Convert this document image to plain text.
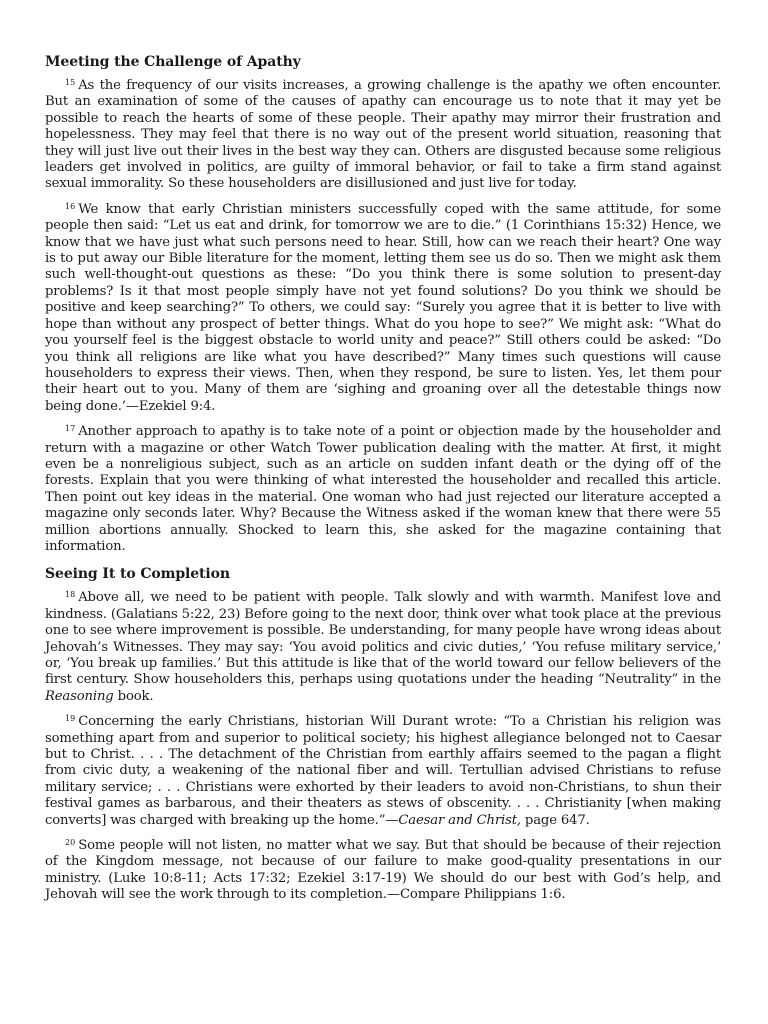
Meeting the Challenge of Apathy

$^{15}$ As the frequency of our visits increases, a growing challenge is the apathy we often encounter. But an examination of some of the causes of apathy can encourage us to note that it may yet be possible to reach the hearts of some of these people. Their apathy may mirror their frustration and hopelessness. They may feel that there is no way out of the present world situation, reasoning that they will just live out their lives in the best way they can. Others are disgusted because some religious leaders get involved in politics, are guilty of immoral behavior, or fail to take a firm stand against sexual immorality. So these householders are disillusioned and just live for today.

$^{16}$ We know that early Christian ministers successfully coped with the same attitude, for some people then said: “Let us eat and drink, for tomorrow we are to die.” (1 Corinthians 15:32) Hence, we know that we have just what such persons need to hear. Still, how can we reach their heart? One way is to put away our Bible literature for the moment, letting them see us do so. Then we might ask them such well-thought-out questions as these: “Do you think there is some solution to present-day problems? Is it that most people simply have not yet found solutions? Do you think we should be positive and keep searching?” To others, we could say: “Surely you agree that it is better to live with hope than without any prospect of better things. What do you hope to see?” We might ask: “What do you yourself feel is the biggest obstacle to world unity and peace?” Still others could be asked: “Do you think all religions are like what you have described?” Many times such questions will cause householders to express their views. Then, when they respond, be sure to listen. Yes, let them pour their heart out to you. Many of them are ‘sighing and groaning over all the detestable things now being done.’—Ezekiel 9:4.

$^{17}$ Another approach to apathy is to take note of a point or objection made by the householder and return with a magazine or other Watch Tower publication dealing with the matter. At first, it might even be a nonreligious subject, such as an article on sudden infant death or the dying off of the forests. Explain that you were thinking of what interested the householder and recalled this article. Then point out key ideas in the material. One woman who had just rejected our literature accepted a magazine only seconds later. Why? Because the Witness asked if the woman knew that there were 55 million abortions annually. Shocked to learn this, she asked for the magazine containing that information.

Seeing It to Completion

$^{18}$ Above all, we need to be patient with people. Talk slowly and with warmth. Manifest love and kindness. (Galatians 5:22, 23) Before going to the next door, think over what took place at the previous one to see where improvement is possible. Be understanding, for many people have wrong ideas about Jehovah’s Witnesses. They may say: ‘You avoid politics and civic duties,’ ‘You refuse military service,’ or, ‘You break up families.’ But this attitude is like that of the world toward our fellow believers of the first century. Show householders this, perhaps using quotations under the heading “Neutrality” in the Reasoning book.

$^{19}$ Concerning the early Christians, historian Will Durant wrote: “To a Christian his religion was something apart from and superior to political society; his highest allegiance belonged not to Caesar but to Christ. . . . The detachment of the Christian from earthly affairs seemed to the pagan a flight from civic duty, a weakening of the national fiber and will. Tertullian advised Christians to refuse military service; . . . Christians were exhorted by their leaders to avoid non-Christians, to shun their festival games as barbarous, and their theaters as stews of obscenity. . . . Christianity [when making converts] was charged with breaking up the home.”—Caesar and Christ, page 647.

$^{20}$ Some people will not listen, no matter what we say. But that should be because of their rejection of the Kingdom message, not because of our failure to make good-quality presentations in our ministry. (Luke 10:8-11; Acts 17:32; Ezekiel 3:17-19) We should do our best with God’s help, and Jehovah will see the work through to its completion.—Compare Philippians 1:6.
